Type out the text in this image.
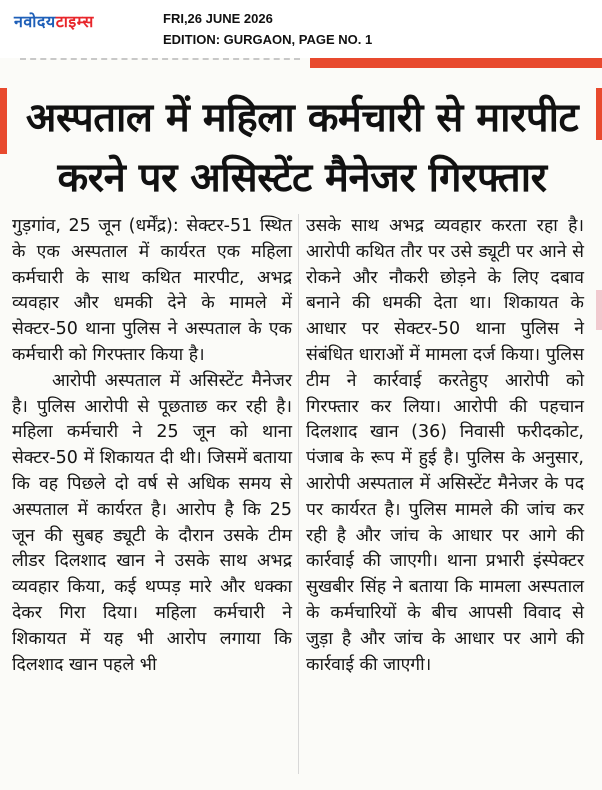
नवोदयटाइम्स	FRI,26 JUNE 2026
EDITION: GURGAON, PAGE NO. 1
अस्पताल में महिला कर्मचारी से मारपीट
करने पर असिस्टेंट मैनेजर गिरफ्तार

गुड़गांव, 25 जून (धर्मेंद्र): सेक्टर-51 स्थित के एक अस्पताल में कार्यरत एक महिला कर्मचारी के साथ कथित मारपीट, अभद्र व्यवहार और धमकी देने के मामले में सेक्टर-50 थाना पुलिस ने अस्पताल के एक कर्मचारी को गिरफ्तार किया है।

आरोपी अस्पताल में असिस्टेंट मैनेजर है। पुलिस आरोपी से पूछताछ कर रही है। महिला कर्मचारी ने 25 जून को थाना सेक्टर-50 में शिकायत दी थी। जिसमें बताया कि वह पिछले दो वर्ष से अधिक समय से अस्पताल में कार्यरत है। आरोप है कि 25 जून की सुबह ड्यूटी के दौरान उसके टीम लीडर दिलशाद खान ने उसके साथ अभद्र व्यवहार किया, कई थप्पड़ मारे और धक्का देकर गिरा दिया। महिला कर्मचारी ने शिकायत में यह भी आरोप लगाया कि दिलशाद खान पहले भी

उसके साथ अभद्र व्यवहार करता रहा है। आरोपी कथित तौर पर उसे ड्यूटी पर आने से रोकने और नौकरी छोड़ने के लिए दबाव बनाने की धमकी देता था। शिकायत के आधार पर सेक्टर-50 थाना पुलिस ने संबंधित धाराओं में मामला दर्ज किया। पुलिस टीम ने कार्रवाई करतेहुए आरोपी को गिरफ्तार कर लिया। आरोपी की पहचान दिलशाद खान (36) निवासी फरीदकोट, पंजाब के रूप में हुई है। पुलिस के अनुसार, आरोपी अस्पताल में असिस्टेंट मैनेजर के पद पर कार्यरत है। पुलिस मामले की जांच कर रही है और जांच के आधार पर आगे की कार्रवाई की जाएगी। थाना प्रभारी इंस्पेक्टर सुखबीर सिंह ने बताया कि मामला अस्पताल के कर्मचारियों के बीच आपसी विवाद से जुड़ा है और जांच के आधार पर आगे की कार्रवाई की जाएगी।
